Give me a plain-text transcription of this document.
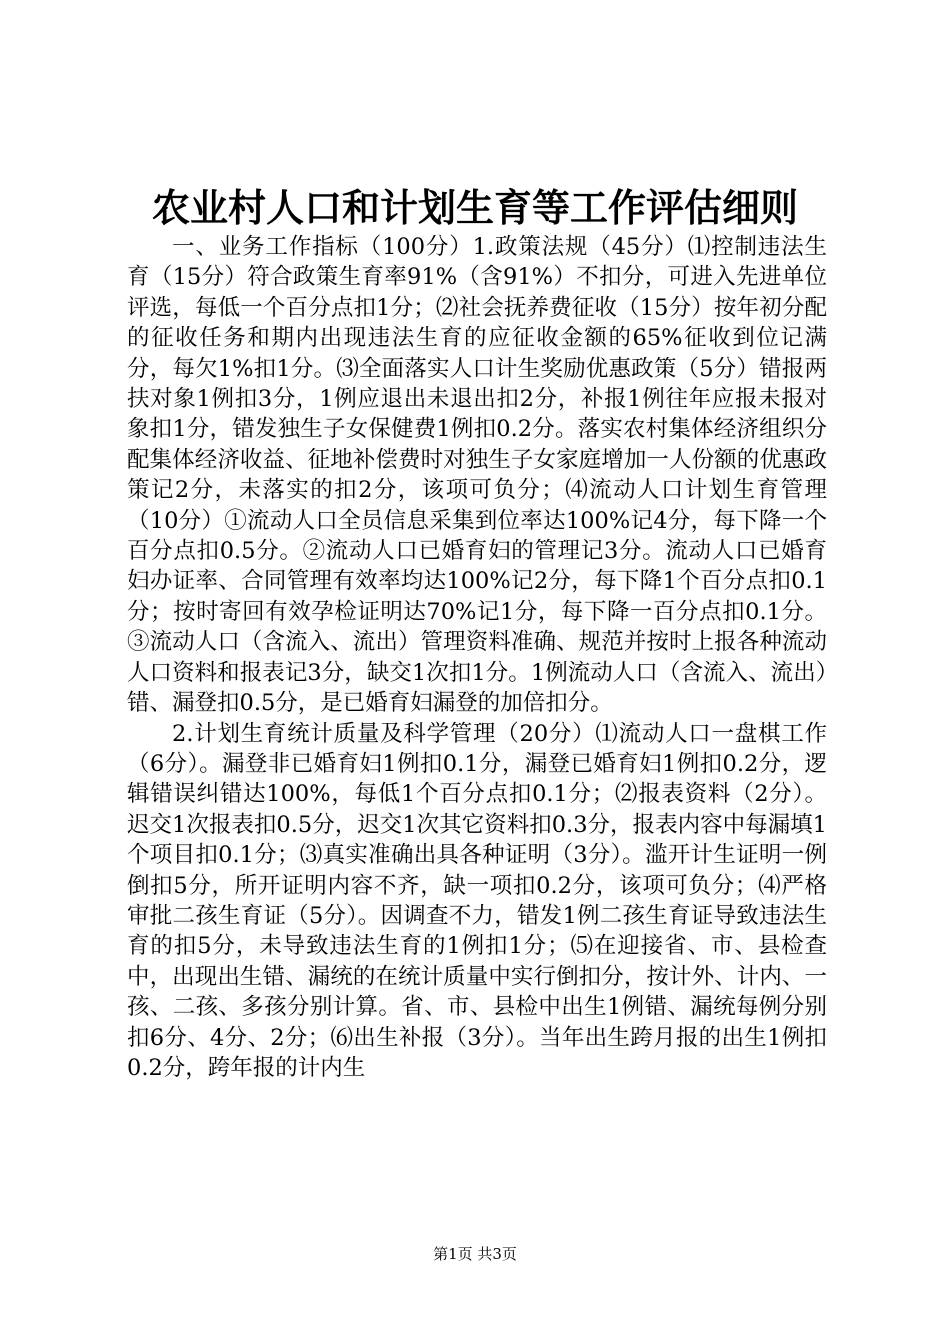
农业村人口和计划生育等工作评估细则

一、业务工作指标（100分）1.政策法规（45分）⑴控制违法生育（15分）符合政策生育率91%（含91%）不扣分，可进入先进单位评选，每低一个百分点扣1分；⑵社会抚养费征收（15分）按年初分配的征收任务和期内出现违法生育的应征收金额的65%征收到位记满分，每欠1%扣1分。⑶全面落实人口计生奖励优惠政策（5分）错报两扶对象1例扣3分，1例应退出未退出扣2分，补报1例往年应报未报对象扣1分，错发独生子女保健费1例扣0.2分。落实农村集体经济组织分配集体经济收益、征地补偿费时对独生子女家庭增加一人份额的优惠政策记2分，未落实的扣2分，该项可负分；⑷流动人口计划生育管理（10分）①流动人口全员信息采集到位率达100%记4分，每下降一个百分点扣0.5分。②流动人口已婚育妇的管理记3分。流动人口已婚育妇办证率、合同管理有效率均达100%记2分，每下降1个百分点扣0.1分；按时寄回有效孕检证明达70%记1分，每下降一百分点扣0.1分。③流动人口（含流入、流出）管理资料准确、规范并按时上报各种流动人口资料和报表记3分，缺交1次扣1分。1例流动人口（含流入、流出）错、漏登扣0.5分，是已婚育妇漏登的加倍扣分。

2.计划生育统计质量及科学管理（20分）⑴流动人口一盘棋工作（6分）。漏登非已婚育妇1例扣0.1分，漏登已婚育妇1例扣0.2分，逻辑错误纠错达100%，每低1个百分点扣0.1分；⑵报表资料（2分）。迟交1次报表扣0.5分，迟交1次其它资料扣0.3分，报表内容中每漏填1个项目扣0.1分；⑶真实准确出具各种证明（3分）。滥开计生证明一例倒扣5分，所开证明内容不齐，缺一项扣0.2分，该项可负分；⑷严格审批二孩生育证（5分）。因调查不力，错发1例二孩生育证导致违法生育的扣5分，未导致违法生育的1例扣1分；⑸在迎接省、市、县检查中，出现出生错、漏统的在统计质量中实行倒扣分，按计外、计内、一孩、二孩、多孩分别计算。省、市、县检中出生1例错、漏统每例分别扣6分、4分、2分；⑹出生补报（3分）。当年出生跨月报的出生1例扣0.2分，跨年报的计内生

第1页 共3页
